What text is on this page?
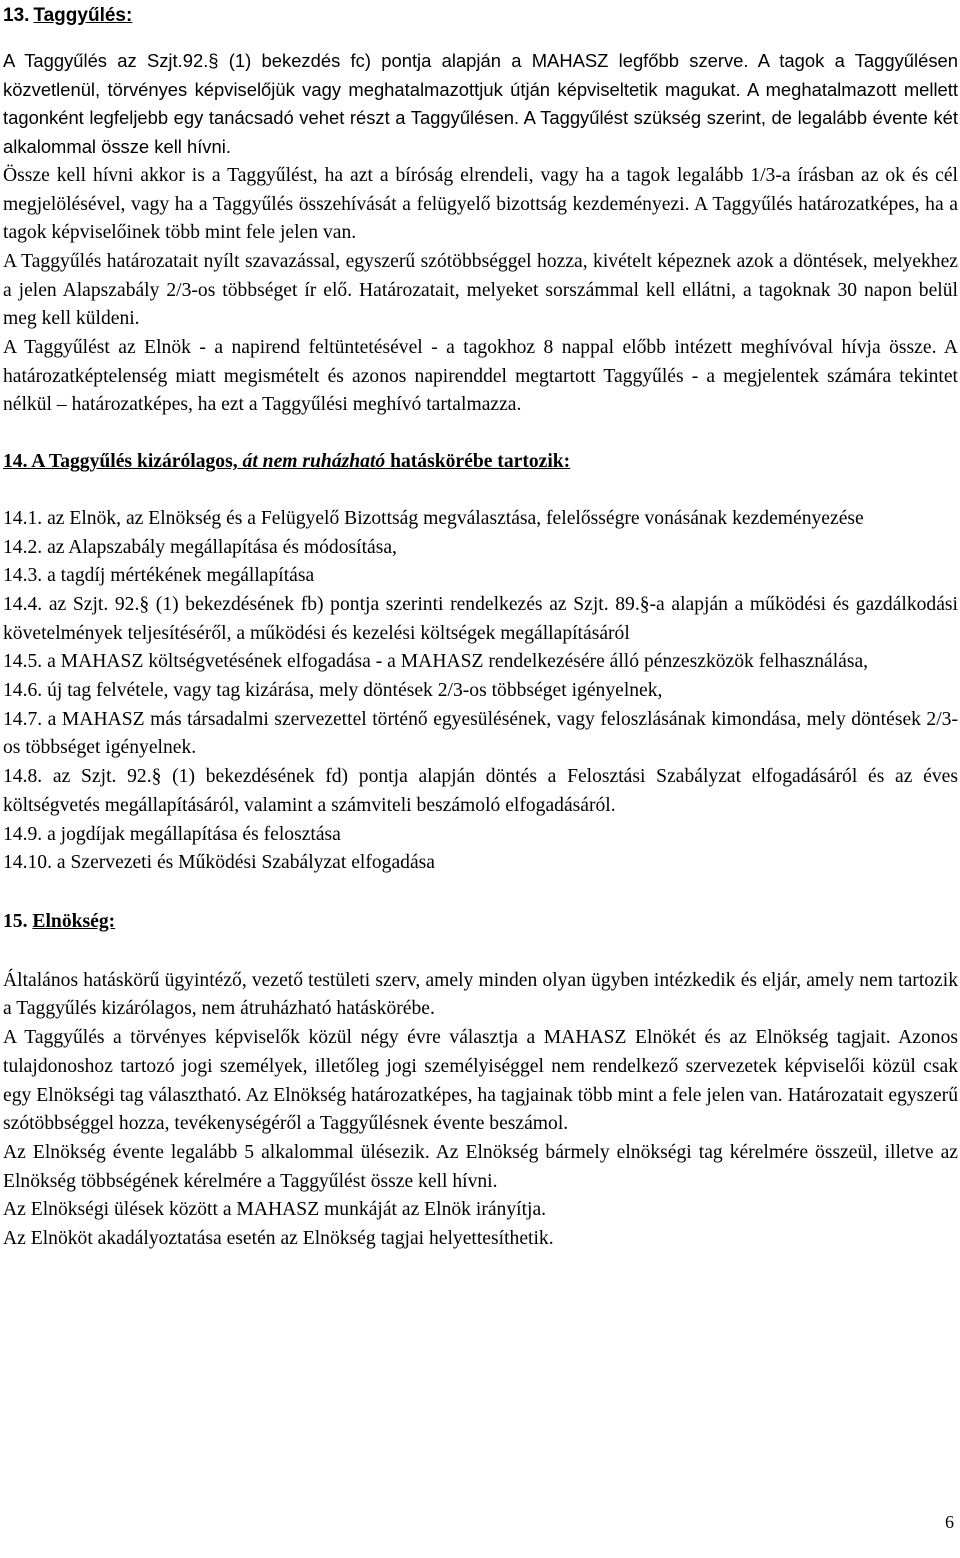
13. Taggyűlés:

A Taggyűlés az Szjt.92.§ (1) bekezdés fc) pontja alapján a MAHASZ legfőbb szerve. A tagok a Taggyűlésen közvetlenül, törvényes képviselőjük vagy meghatalmazottjuk útján képviseltetik magukat. A meghatalmazott mellett tagonként legfeljebb egy tanácsadó vehet részt a Taggyűlésen. A Taggyűlést szükség szerint, de legalább évente két alkalommal össze kell hívni.

Össze kell hívni akkor is a Taggyűlést, ha azt a bíróság elrendeli, vagy ha a tagok legalább 1/3-a írásban az ok és cél megjelölésével, vagy ha a Taggyűlés összehívását a felügyelő bizottság kezdeményezi. A Taggyűlés határozatképes, ha a tagok képviselőinek több mint fele jelen van.

A Taggyűlés határozatait nyílt szavazással, egyszerű szótöbbséggel hozza, kivételt képeznek azok a döntések, melyekhez a jelen Alapszabály 2/3-os többséget ír elő. Határozatait, melyeket sorszámmal kell ellátni, a tagoknak 30 napon belül meg kell küldeni.

A Taggyűlést az Elnök - a napirend feltüntetésével - a tagokhoz 8 nappal előbb intézett meghívóval hívja össze. A határozatképtelenség miatt megismételt és azonos napirenddel megtartott Taggyűlés - a megjelentek számára tekintet nélkül – határozatképes, ha ezt a Taggyűlési meghívó tartalmazza.

14. A Taggyűlés kizárólagos, át nem ruházható hatáskörébe tartozik:

14.1. az Elnök, az Elnökség és a Felügyelő Bizottság megválasztása, felelősségre vonásának kezdeményezése

14.2. az Alapszabály megállapítása és módosítása,

14.3. a tagdíj mértékének megállapítása

14.4. az Szjt. 92.§ (1) bekezdésének fb) pontja szerinti rendelkezés az Szjt. 89.§-a alapján a működési és gazdálkodási követelmények teljesítéséről, a működési és kezelési költségek megállapításáról

14.5. a MAHASZ költségvetésének elfogadása - a MAHASZ rendelkezésére álló pénzeszközök felhasználása,

14.6. új tag felvétele, vagy tag kizárása, mely döntések 2/3-os többséget igényelnek,

14.7. a MAHASZ más társadalmi szervezettel történő egyesülésének, vagy feloszlásának kimondása, mely döntések 2/3-os többséget igényelnek.

14.8. az Szjt. 92.§ (1) bekezdésének fd) pontja alapján döntés a Felosztási Szabályzat elfogadásáról és az éves költségvetés megállapításáról, valamint a számviteli beszámoló elfogadásáról.

14.9. a jogdíjak megállapítása és felosztása

14.10. a Szervezeti és Működési Szabályzat elfogadása

15. Elnökség:

Általános hatáskörű ügyintéző, vezető testületi szerv, amely minden olyan ügyben intézkedik és eljár, amely nem tartozik a Taggyűlés kizárólagos, nem átruházható hatáskörébe.

A Taggyűlés a törvényes képviselők közül négy évre választja a MAHASZ Elnökét és az Elnökség tagjait. Azonos tulajdonoshoz tartozó jogi személyek, illetőleg jogi személyiséggel nem rendelkező szervezetek képviselői közül csak egy Elnökségi tag választható. Az Elnökség határozatképes, ha tagjainak több mint a fele jelen van. Határozatait egyszerű szótöbbséggel hozza, tevékenységéről a Taggyűlésnek évente beszámol.

Az Elnökség évente legalább 5 alkalommal ülésezik. Az Elnökség bármely elnökségi tag kérelmére összeül, illetve az Elnökség többségének kérelmére a Taggyűlést össze kell hívni.

Az Elnökségi ülések között a MAHASZ munkáját az Elnök irányítja.

Az Elnököt akadályoztatása esetén az Elnökség tagjai helyettesíthetik.

6
